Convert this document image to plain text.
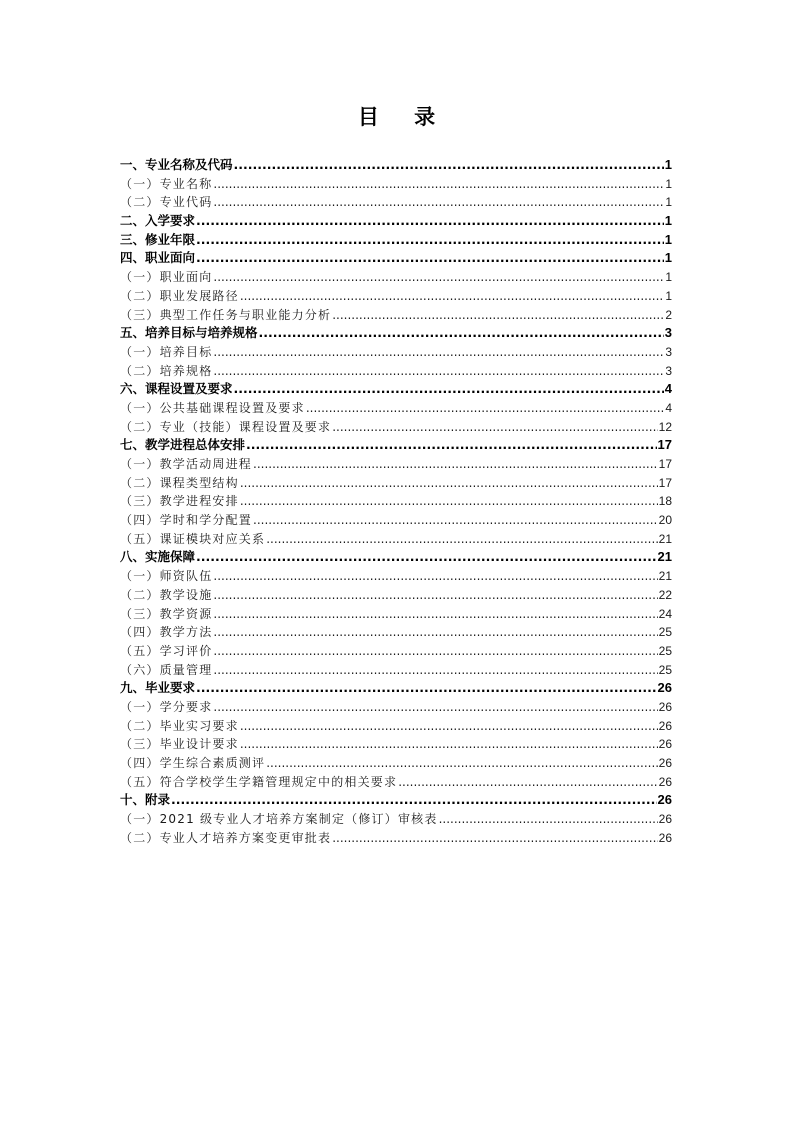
目 录
一、专业名称及代码 .....	1
（一）专业名称 .....	1
（二）专业代码 .....	1
二、入学要求 .....	1
三、修业年限 .....	1
四、职业面向 .....	1
（一）职业面向 .....	1
（二）职业发展路径 .....	1
（三）典型工作任务与职业能力分析 .....	2
五、培养目标与培养规格 .....	3
（一）培养目标 .....	3
（二）培养规格 .....	3
六、课程设置及要求 .....	4
（一）公共基础课程设置及要求 .....	4
（二）专业（技能）课程设置及要求 .....	12
七、教学进程总体安排 .....	17
（一）教学活动周进程 .....	17
（二）课程类型结构 .....	17
（三）教学进程安排 .....	18
（四）学时和学分配置 .....	20
（五）课证模块对应关系 .....	21
八、实施保障 .....	21
（一）师资队伍 .....	21
（二）教学设施 .....	22
（三）教学资源 .....	24
（四）教学方法 .....	25
（五）学习评价 .....	25
（六）质量管理 .....	25
九、毕业要求 .....	26
（一）学分要求 .....	26
（二）毕业实习要求 .....	26
（三）毕业设计要求 .....	26
（四）学生综合素质测评 .....	26
（五）符合学校学生学籍管理规定中的相关要求 .....	26
十、附录 .....	26
（一）2021 级专业人才培养方案制定（修订）审核表 .....	26
（二）专业人才培养方案变更审批表 .....	26
